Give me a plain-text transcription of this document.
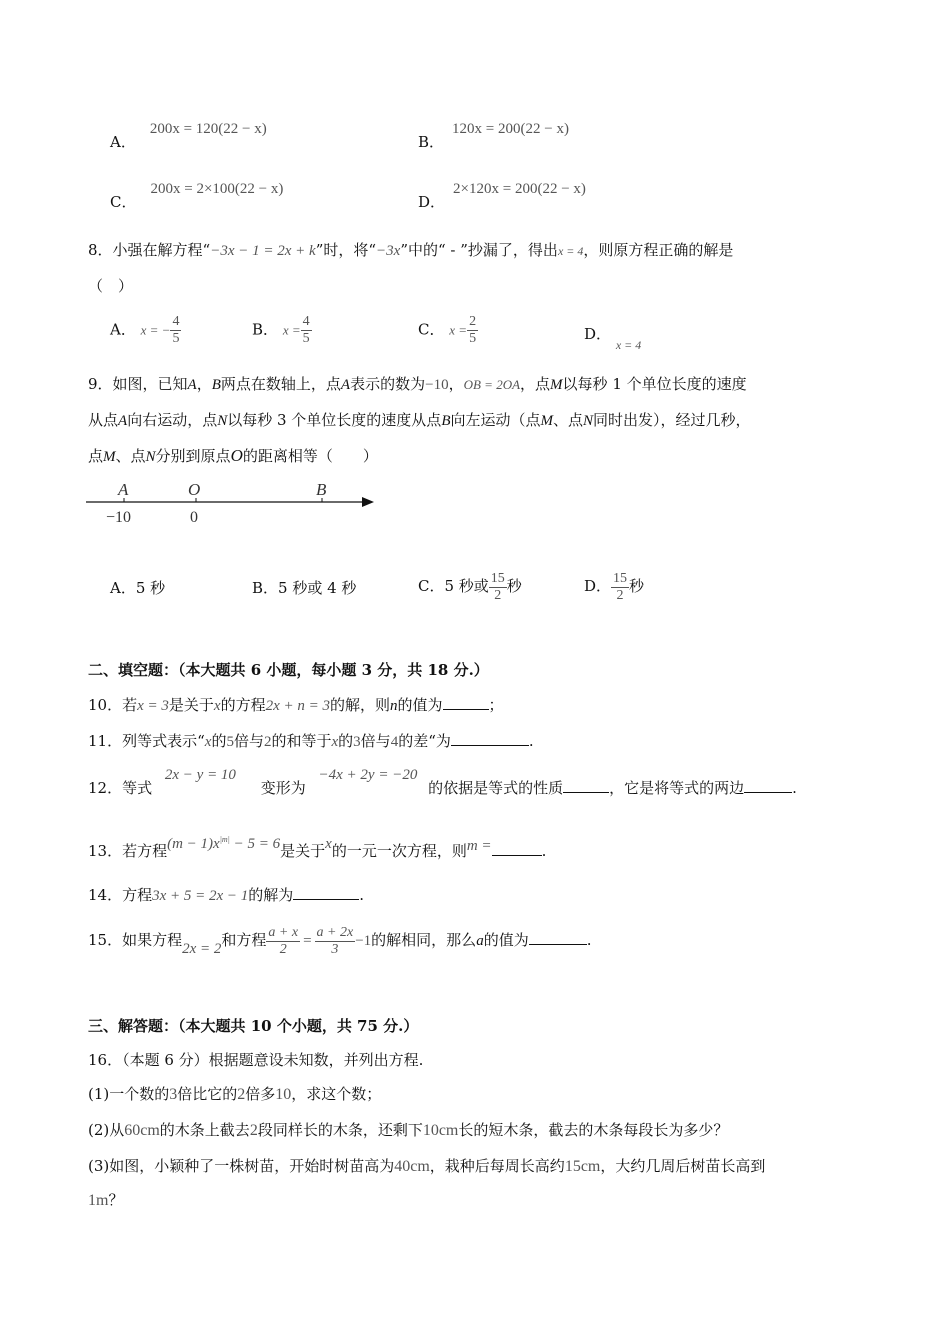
A．200x = 120(22 − x)
B．120x = 200(22 − x)
C．200x = 2×100(22 − x)
D．2×120x = 200(22 − x)
8．小强在解方程“−3x − 1 = 2x + k”时，将“−3x”中的“ - ”抄漏了，得出x = 4，则原方程正确的解是
（　）
A． x = − $\frac{4}{5}$	B． $x = \frac{4}{5}$	C． $x = \frac{2}{5}$	D． $_{x = 4}$
9．如图，已知A，B两点在数轴上，点A表示的数为−10，OB = 2OA，点M以每秒 1 个单位长度的速度
从点A向右运动，点N以每秒 3 个单位长度的速度从点B向左运动（点M、点N同时出发），经过几秒，
点M、点N分别到原点O的距离相等（　　）
A	O	B
−10	0
A．5 秒	B．5 秒或 4 秒	C．5 秒或 $\frac{15}{2}$ 秒	D． $\frac{15}{2}$ 秒
二、填空题：（本大题共 6 小题，每小题 3 分，共 18 分.）
10．若x = 3是关于x的方程2x + n = 3的解，则n的值为	；
11．列等式表示“x的5倍与2的和等于x的3倍与4的差“为	.
12．等式 2x − y = 10 变形为 −4x + 2y = −20 的依据是等式的性质	，它是将等式的两边	.
13．若方程$(m - 1)x^{|m|} - 5 = 6$是关于x的一元一次方程，则m =	.
14．方程3x + 5 = 2x − 1的解为	.
15．如果方程2x = 2和方程 $\frac{a + x}{2} = \frac{a + 2x}{3} -1$的解相同，那么a的值为	.
三、解答题：（本大题共 10 个小题，共 75 分.）
16．（本题 6 分）根据题意设未知数，并列出方程.
(1)一个数的3倍比它的2倍多10，求这个数；
(2)从60cm的木条上截去2段同样长的木条，还剩下10cm长的短木条，截去的木条每段长为多少？
(3)如图，小颖种了一株树苗，开始时树苗高为40cm，栽种后每周长高约15cm，大约几周后树苗长高到
1m？
